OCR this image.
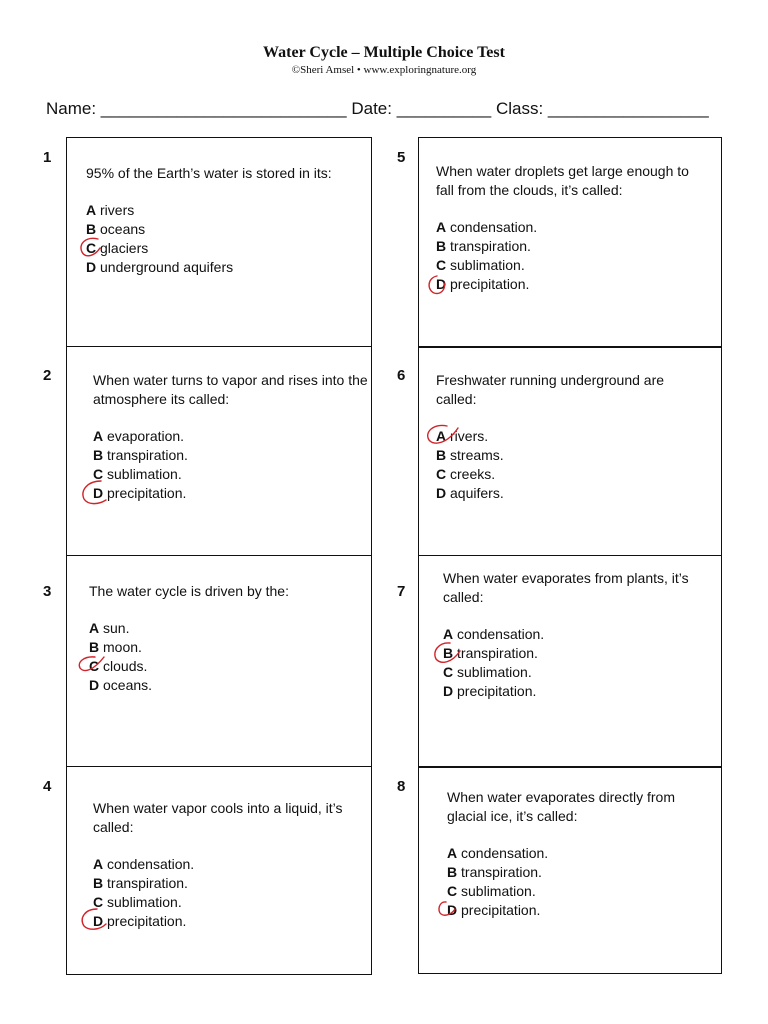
Water Cycle – Multiple Choice Test
©Sheri Amsel • www.exploringnature.org
Name: __________________________ Date: __________ Class: _________________
1

95% of the Earth’s water is stored in its:

A rivers
B oceans
C glaciers
D underground aquifers
2	When water turns to vapor and rises into the atmosphere its called:

A evaporation.
B transpiration.
C sublimation.
D precipitation.
3	The water cycle is driven by the:

A sun.
B moon.
C clouds.
D oceans.
4

When water vapor cools into a liquid, it’s called:

A condensation.
B transpiration.
C sublimation.
D precipitation.
5

When water droplets get large enough to fall from the clouds, it’s called:

A condensation.
B transpiration.
C sublimation.
D precipitation.
6 Freshwater running underground are called:

A rivers.
B streams.
C creeks.
D aquifers.
7

When water evaporates from plants, it’s called:

A condensation.
B transpiration.
C sublimation.
D precipitation.
8

When water evaporates directly from glacial ice, it’s called:

A condensation.
B transpiration.
C sublimation.
D precipitation.
